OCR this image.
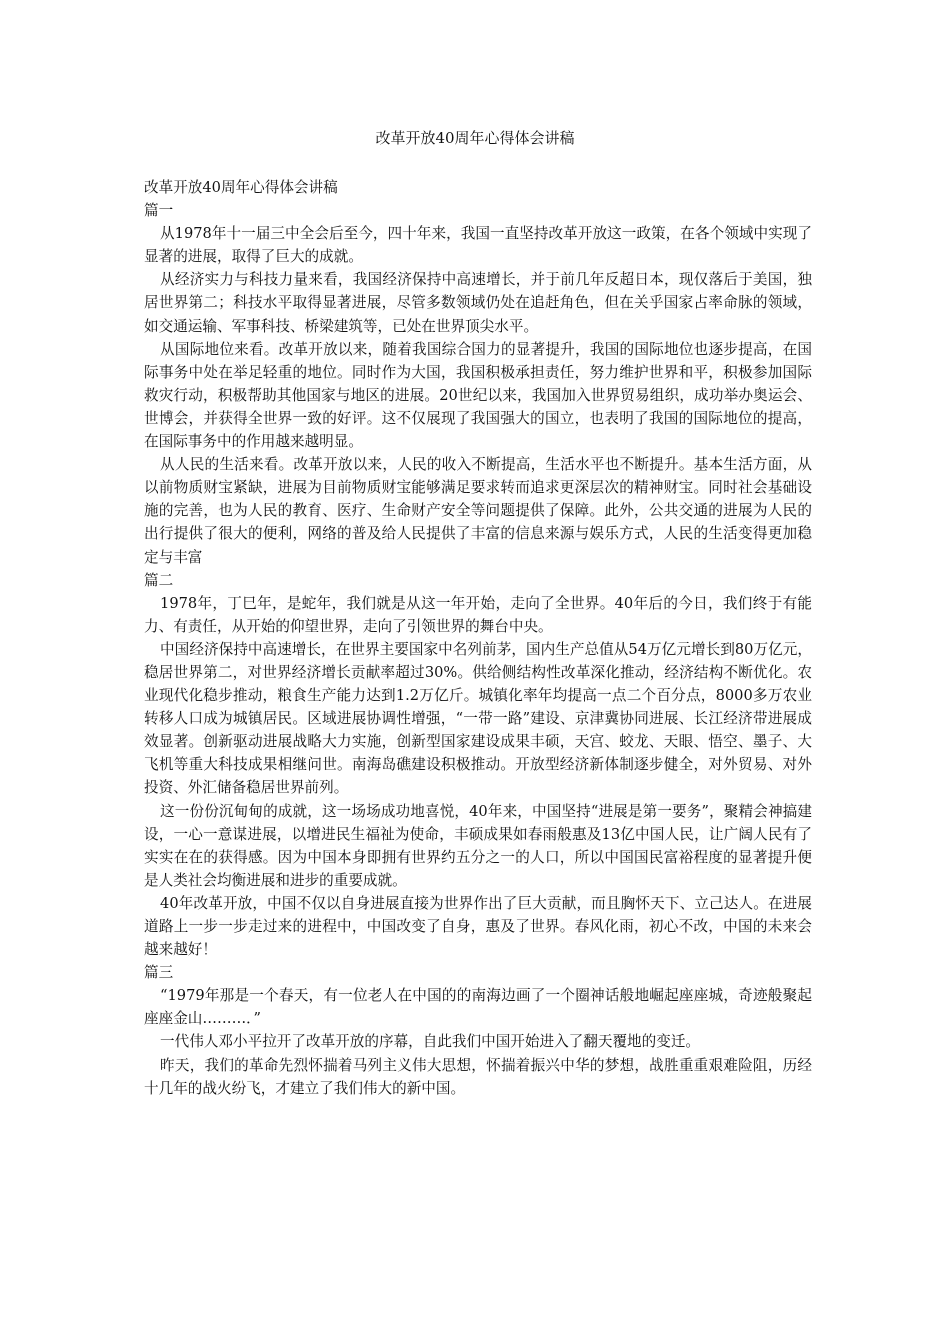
改革开放40周年心得体会讲稿

改革开放40周年心得体会讲稿

篇一

从1978年十一届三中全会后至今，四十年来，我国一直坚持改革开放这一政策，在各个领域中实现了显著的进展，取得了巨大的成就。

从经济实力与科技力量来看，我国经济保持中高速增长，并于前几年反超日本，现仅落后于美国，独居世界第二；科技水平取得显著进展，尽管多数领域仍处在追赶角色，但在关乎国家占率命脉的领域，如交通运输、军事科技、桥梁建筑等，已处在世界顶尖水平。

从国际地位来看。改革开放以来，随着我国综合国力的显著提升，我国的国际地位也逐步提高，在国际事务中处在举足轻重的地位。同时作为大国，我国积极承担责任，努力维护世界和平，积极参加国际救灾行动，积极帮助其他国家与地区的进展。20世纪以来，我国加入世界贸易组织，成功举办奥运会、世博会，并获得全世界一致的好评。这不仅展现了我国强大的国立，也表明了我国的国际地位的提高，在国际事务中的作用越来越明显。

从人民的生活来看。改革开放以来，人民的收入不断提高，生活水平也不断提升。基本生活方面，从以前物质财宝紧缺，进展为目前物质财宝能够满足要求转而追求更深层次的精神财宝。同时社会基础设施的完善，也为人民的教育、医疗、生命财产安全等问题提供了保障。此外，公共交通的进展为人民的出行提供了很大的便利，网络的普及给人民提供了丰富的信息来源与娱乐方式，人民的生活变得更加稳定与丰富

篇二

1978年，丁巳年，是蛇年，我们就是从这一年开始，走向了全世界。40年后的今日，我们终于有能力、有责任，从开始的仰望世界，走向了引领世界的舞台中央。

中国经济保持中高速增长，在世界主要国家中名列前茅，国内生产总值从54万亿元增长到80万亿元，稳居世界第二，对世界经济增长贡献率超过30%。供给侧结构性改革深化推动，经济结构不断优化。农业现代化稳步推动，粮食生产能力达到1.2万亿斤。城镇化率年均提高一点二个百分点，8000多万农业转移人口成为城镇居民。区域进展协调性增强，“一带一路”建设、京津冀协同进展、长江经济带进展成效显著。创新驱动进展战略大力实施，创新型国家建设成果丰硕，天宫、蛟龙、天眼、悟空、墨子、大飞机等重大科技成果相继问世。南海岛礁建设积极推动。开放型经济新体制逐步健全，对外贸易、对外投资、外汇储备稳居世界前列。

这一份份沉甸甸的成就，这一场场成功地喜悦，40年来，中国坚持“进展是第一要务”，聚精会神搞建设，一心一意谋进展，以增进民生福祉为使命，丰硕成果如春雨般惠及13亿中国人民，让广阔人民有了实实在在的获得感。因为中国本身即拥有世界约五分之一的人口，所以中国国民富裕程度的显著提升便是人类社会均衡进展和进步的重要成就。

40年改革开放，中国不仅以自身进展直接为世界作出了巨大贡献，而且胸怀天下、立己达人。在进展道路上一步一步走过来的进程中，中国改变了自身，惠及了世界。春风化雨，初心不改，中国的未来会越来越好！

篇三

“1979年那是一个春天，有一位老人在中国的的南海边画了一个圈神话般地崛起座座城，奇迹般聚起座座金山………．”

一代伟人邓小平拉开了改革开放的序幕，自此我们中国开始进入了翻天覆地的变迁。

昨天，我们的革命先烈怀揣着马列主义伟大思想，怀揣着振兴中华的梦想，战胜重重艰难险阻，历经十几年的战火纷飞，才建立了我们伟大的新中国。
